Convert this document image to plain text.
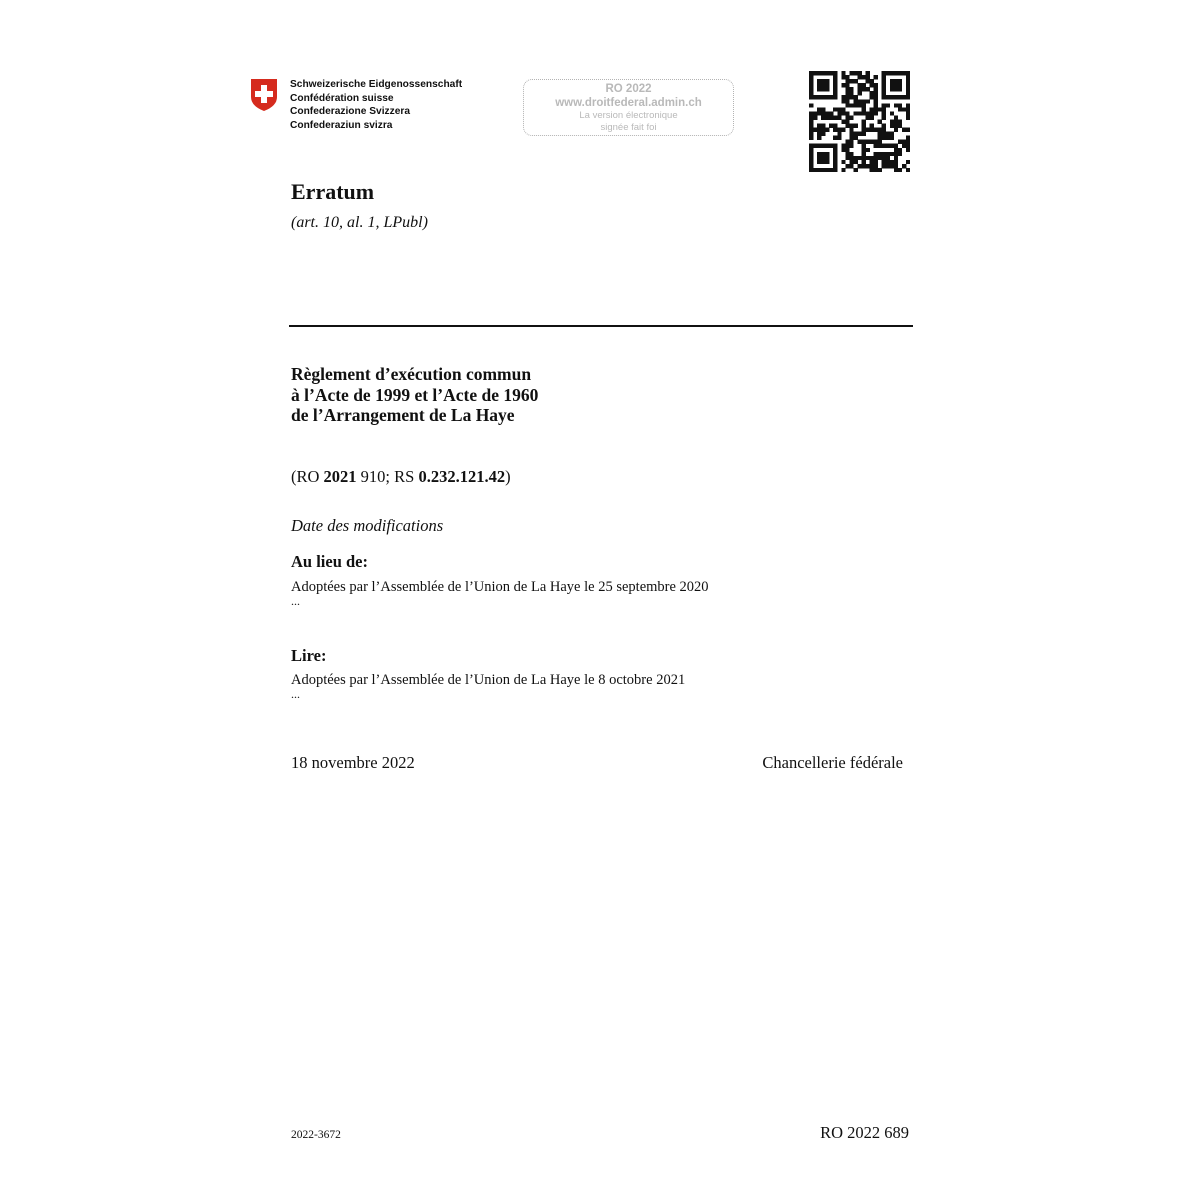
Schweizerische Eidgenossenschaft
Confédération suisse
Confederazione Svizzera
Confederaziun svizra
RO 2022
www.droitfederal.admin.ch
La version électronique
signée fait foi
Erratum
(art. 10, al. 1, LPubl)
Règlement d’exécution commun
à l’Acte de 1999 et l’Acte de 1960
de l’Arrangement de La Haye
(RO 2021 910; RS 0.232.121.42)
Date des modifications
Au lieu de:
Adoptées par l’Assemblée de l’Union de La Haye le 25 septembre 2020
...
Lire:
Adoptées par l’Assemblée de l’Union de La Haye le 8 octobre 2021
...
18 novembre 2022	Chancellerie fédérale
2022-3672	RO 2022 689
